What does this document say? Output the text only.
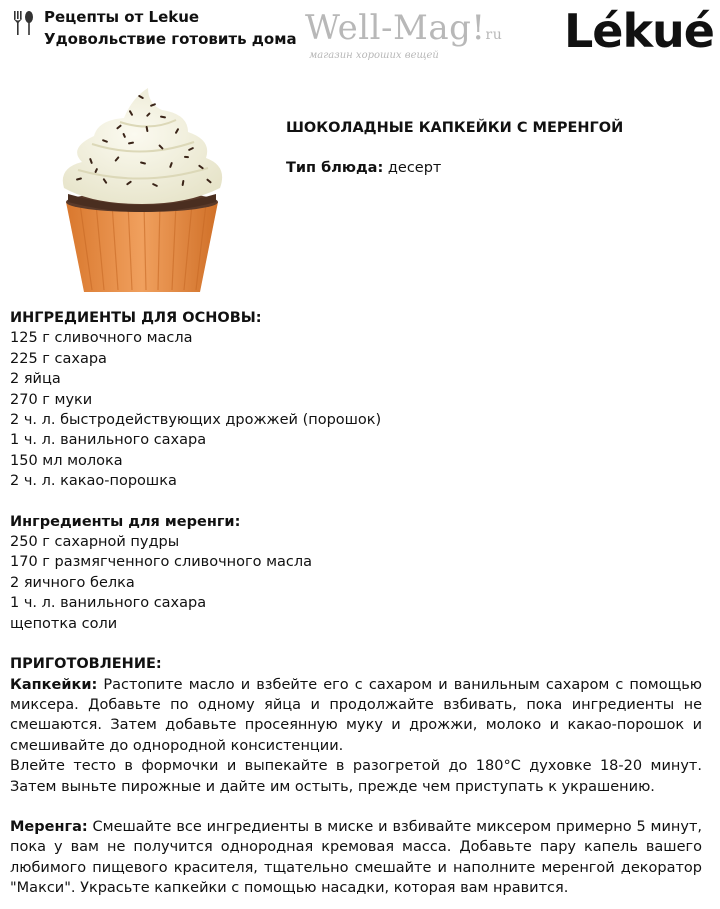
Рецепты от Lekue
Удовольствие готовить дома Well-Mag!ru
магазин хороших вещей	Lékué
ШОКОЛАДНЫЕ КАПКЕЙКИ С МЕРЕНГОЙ
Тип блюда: десерт
ИНГРЕДИЕНТЫ ДЛЯ ОСНОВЫ:
125 г сливочного масла
225 г сахара
2 яйца
270 г муки
2 ч. л. быстродействующих дрожжей (порошок)
1 ч. л. ванильного сахара
150 мл молока
2 ч. л. какао-порошка
Ингредиенты для меренги:
250 г сахарной пудры
170 г размягченного сливочного масла
2 яичного белка
1 ч. л. ванильного сахара
щепотка соли
ПРИГОТОВЛЕНИЕ:

Капкейки: Растопите масло и взбейте его с сахаром и ванильным сахаром с помощью миксера. Добавьте по одному яйца и продолжайте взбивать, пока ингредиенты не смешаются. Затем добавьте просеянную муку и дрожжи, молоко и какао-порошок и смешивайте до однородной консистенции.

Влейте тесто в формочки и выпекайте в разогретой до 180°С духовке 18-20 минут. Затем выньте пирожные и дайте им остыть, прежде чем приступать к украшению.

Меренга: Смешайте все ингредиенты в миске и взбивайте миксером примерно 5 минут, пока у вам не получится однородная кремовая масса. Добавьте пару капель вашего любимого пищевого красителя, тщательно смешайте и наполните меренгой декоратор "Макси". Украсьте капкейки с помощью насадки, которая вам нравится.
